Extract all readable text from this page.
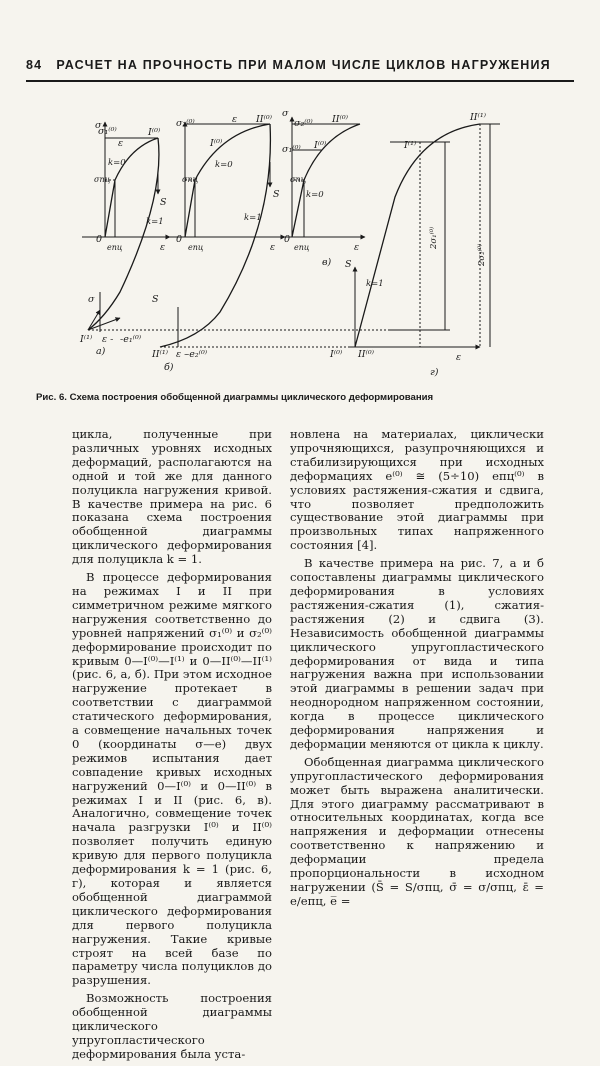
84 РАСЧЕТ НА ПРОЧНОСТЬ ПРИ МАЛОМ ЧИСЛЕ ЦИКЛОВ НАГРУЖЕНИЯ
σ
σ₁⁽⁰⁾
ε
I⁽⁰⁾
k=0
σпц
S
k=1
0
eпц	ε
σ
I⁽¹⁾ ε - -e₁⁽⁰⁾
а)
σ₂⁽⁰⁾	ε II⁽⁰⁾
I⁽⁰⁾
k=0
σпц
S
k=1
0
eпц	ε
S
II⁽¹⁾ ε -
-e₂⁽⁰⁾
б)
σ
σ₂⁽⁰⁾ II⁽⁰⁾
σ₁⁽⁰⁾ I⁽⁰⁾
σпц
k=0
0
eпц	ε
в)
I⁽¹⁾
II⁽¹⁾
S
k=1
2σ₁⁽⁰⁾
2σ₂⁽⁰⁾
I⁽⁰⁾ II⁽⁰⁾	ε
г)
Рис. 6. Схема построения обобщенной диаграммы циклического деформирования

цикла, полученные при различных уровнях исходных деформаций, располагаются на одной и той же для данного полуцикла нагружения кривой. В качестве примера на рис. 6 показана схема построения обобщенной диаграммы циклического деформирования для полуцикла k = 1.

В процессе деформирования на режимах I и II при симметричном режиме мягкого нагружения соответственно до уровней напряжений σ₁⁽⁰⁾ и σ₂⁽⁰⁾ деформирование происходит по кривым 0—I⁽⁰⁾—I⁽¹⁾ и 0—II⁽⁰⁾—II⁽¹⁾ (рис. 6, а, б). При этом исходное нагружение протекает в соответствии с диаграммой статического деформирования, а совмещение начальных точек 0 (координаты σ—е) двух режимов испытания дает совпадение кривых исходных нагружений 0—I⁽⁰⁾ и 0—II⁽⁰⁾ в режимах I и II (рис. 6, в). Аналогично, совмещение точек начала разгрузки I⁽⁰⁾ и II⁽⁰⁾ позволяет получить единую кривую для первого полуцикла деформирования k = 1 (рис. 6, г), которая и является обобщенной диаграммой циклического деформирования для первого полуцикла нагружения. Такие кривые строят на всей базе по параметру числа полуциклов до разрушения.

Возможность построения обобщенной диаграммы циклического упругопластического деформирования была уста-

новлена на материалах, циклически упрочняющихся, разупрочняющихся и стабилизирующихся при исходных деформациях e⁽⁰⁾ ≅ (5÷10) eпц⁽⁰⁾ в условиях растяжения-сжатия и сдвига, что позволяет предположить существование этой диаграммы при произвольных типах напряженного состояния [4].

В качестве примера на рис. 7, а и б сопоставлены диаграммы циклического деформирования в условиях растяжения-сжатия (1), сжатия-растяжения (2) и сдвига (3). Независимость обобщенной диаграммы циклического упругопластического деформирования от вида и типа нагружения важна при использовании этой диаграммы в решении задач при неоднородном напряженном состоянии, когда в процессе циклического деформирования напряжения и деформации меняются от цикла к циклу.

Обобщенная диаграмма циклического упругопластического деформирования может быть выражена аналитически. Для этого диаграмму рассматривают в относительных координатах, когда все напряжения и деформации отнесены соответственно к напряжению и деформации предела пропорциональности в исходном нагружении (S̄ = S/σпц, σ̄ = σ/σпц, ε̄ = e/eпц, e̅ =
